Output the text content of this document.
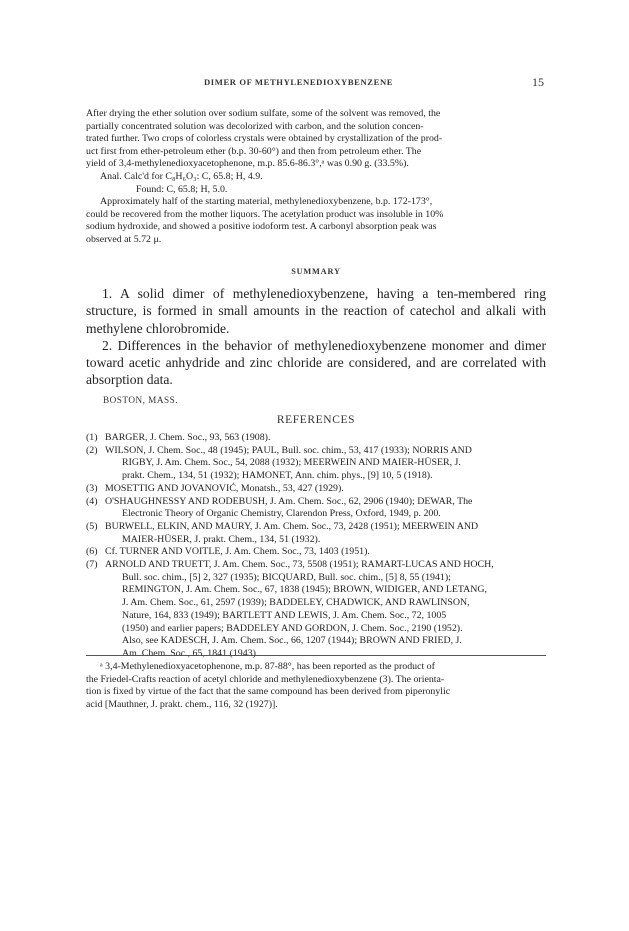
DIMER OF METHYLENEDIOXYBENZENE	15

After drying the ether solution over sodium sulfate, some of the solvent was removed, the

partially concentrated solution was decolorized with carbon, and the solution concen-

trated further. Two crops of colorless crystals were obtained by crystallization of the prod-

uct first from ether-petroleum ether (b.p. 30-60°) and then from petroleum ether. The

yield of 3,4-methylenedioxyacetophenone, m.p. 85.6-86.3°,ᵃ was 0.90 g. (33.5%).

Anal. Calc'd for C₈H₆O₃: C, 65.8; H, 4.9.

Found: C, 65.8; H, 5.0.

Approximately half of the starting material, methylenedioxybenzene, b.p. 172-173°,

could be recovered from the mother liquors. The acetylation product was insoluble in 10%

sodium hydroxide, and showed a positive iodoform test. A carbonyl absorption peak was

observed at 5.72 μ.

SUMMARY

1. A solid dimer of methylenedioxybenzene, having a ten-membered ring structure, is formed in small amounts in the reaction of catechol and alkali with methylene chlorobromide.

2. Differences in the behavior of methylenedioxybenzene monomer and dimer toward acetic anhydride and zinc chloride are considered, and are correlated with absorption data.

BOSTON, MASS.
REFERENCES
(1) BARGER, J. Chem. Soc., 93, 563 (1908).
(2) WILSON, J. Chem. Soc., 48 (1945); PAUL, Bull. soc. chim., 53, 417 (1933); NORRIS AND
RIGBY, J. Am. Chem. Soc., 54, 2088 (1932); MEERWEIN AND MAIER-HÜSER, J.
prakt. Chem., 134, 51 (1932); HAMONET, Ann. chim. phys., [9] 10, 5 (1918).
(3) MOSETTIG AND JOVANOVIĆ, Monatsh., 53, 427 (1929).
(4) O'SHAUGHNESSY AND RODEBUSH, J. Am. Chem. Soc., 62, 2906 (1940); DEWAR, The
Electronic Theory of Organic Chemistry, Clarendon Press, Oxford, 1949, p. 200.
(5) BURWELL, ELKIN, AND MAURY, J. Am. Chem. Soc., 73, 2428 (1951); MEERWEIN AND
MAIER-HÜSER, J. prakt. Chem., 134, 51 (1932).
(6) Cf. TURNER AND VOITLE, J. Am. Chem. Soc., 73, 1403 (1951).
(7) ARNOLD AND TRUETT, J. Am. Chem. Soc., 73, 5508 (1951); RAMART-LUCAS AND HOCH,
Bull. soc. chim., [5] 2, 327 (1935); BICQUARD, Bull. soc. chim., [5] 8, 55 (1941);
REMINGTON, J. Am. Chem. Soc., 67, 1838 (1945); BROWN, WIDIGER, AND LETANG,
J. Am. Chem. Soc., 61, 2597 (1939); BADDELEY, CHADWICK, AND RAWLINSON,
Nature, 164, 833 (1949); BARTLETT AND LEWIS, J. Am. Chem. Soc., 72, 1005
(1950) and earlier papers; BADDELEY AND GORDON, J. Chem. Soc., 2190 (1952).
Also, see KADESCH, J. Am. Chem. Soc., 66, 1207 (1944); BROWN AND FRIED, J.
Am. Chem. Soc., 65, 1841 (1943).

ᵃ 3,4-Methylenedioxyacetophenone, m.p. 87-88°, has been reported as the product of

the Friedel-Crafts reaction of acetyl chloride and methylenedioxybenzene (3). The orienta-

tion is fixed by virtue of the fact that the same compound has been derived from piperonylic

acid [Mauthner, J. prakt. chem., 116, 32 (1927)].
